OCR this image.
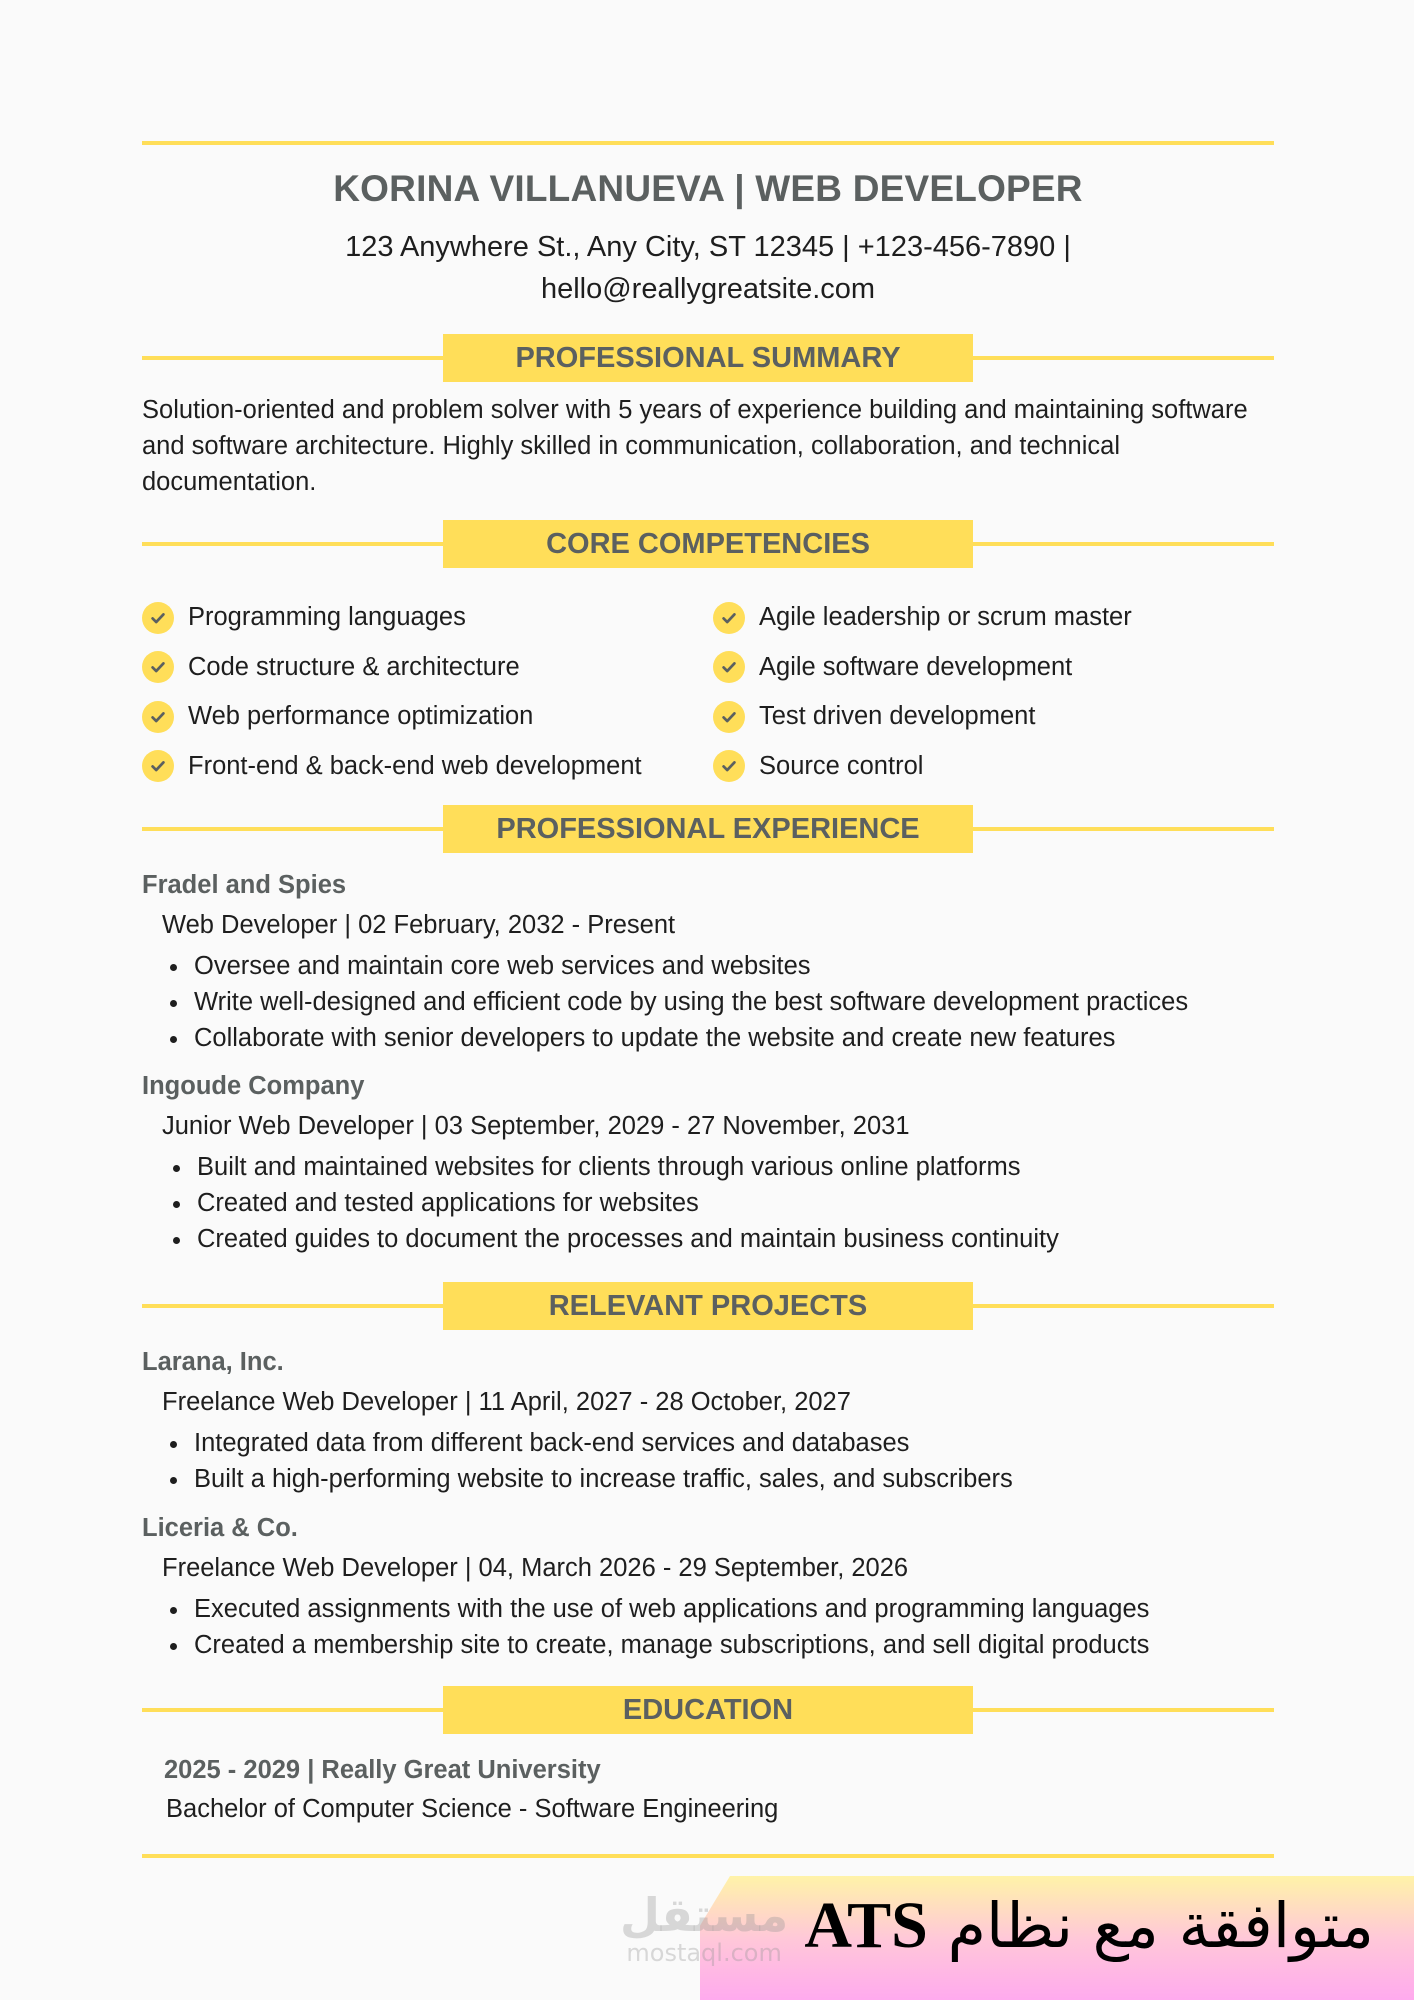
KORINA VILLANUEVA | WEB DEVELOPER
123 Anywhere St., Any City, ST 12345 | +123-456-7890 |
hello@reallygreatsite.com
PROFESSIONAL SUMMARY
Solution-oriented and problem solver with 5 years of experience building and maintaining software and software architecture. Highly skilled in communication, collaboration, and technical documentation.
CORE COMPETENCIES
Programming languages
Code structure & architecture
Web performance optimization
Front-end & back-end web development
Agile leadership or scrum master
Agile software development
Test driven development
Source control
PROFESSIONAL EXPERIENCE
Fradel and Spies
Web Developer | 02 February, 2032 - Present
Oversee and maintain core web services and websites
Write well-designed and efficient code by using the best software development practices
Collaborate with senior developers to update the website and create new features
Ingoude Company
Junior Web Developer | 03 September, 2029 - 27 November, 2031
Built and maintained websites for clients through various online platforms
Created and tested applications for websites
Created guides to document the processes and maintain business continuity
RELEVANT PROJECTS
Larana, Inc.
Freelance Web Developer | 11 April, 2027 - 28 October, 2027
Integrated data from different back-end services and databases
Built a high-performing website to increase traffic, sales, and subscribers
Liceria & Co.
Freelance Web Developer | 04, March 2026 - 29 September, 2026
Executed assignments with the use of web applications and programming languages
Created a membership site to create, manage subscriptions, and sell digital products
EDUCATION
2025 - 2029 | Really Great University
Bachelor of Computer Science - Software Engineering
مستقل
mostaql.com	متوافقة مع نظام ATS
